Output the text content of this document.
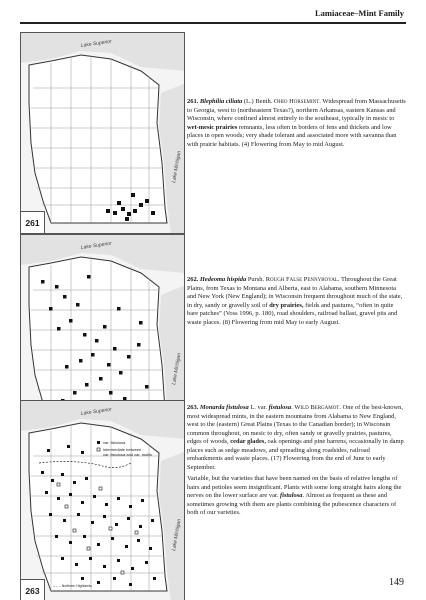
Lamiaceae–Mint Family
Lake Superior
Lake Michigan
261

261. Blephilia ciliata (L.) Benth. Ohio Horsemint. Widespread from Massachusetts to Georgia, west to (northeastern Texas?), northern Arkansas, eastern Kansas and Wisconsin, where confined almost entirely to the southeast, typically in mesic to wet-mesic prairies remnants, less often in borders of fens and thickets and low places in open woods; very shade tolerant and associated more with savanna than with prairie habitats. (4) Flowering from May to mid August.

Lake Superior
Lake Michigan

262. Hedeoma hispida Pursh. Rough False Pennyroyal. Throughout the Great Plains, from Texas to Montana and Alberta, east to Alabama, southern Minnesota and New York (New England); in Wisconsin frequent throughout much of the state, in dry, sandy or gravelly soil of dry prairies, fields and pastures, “often in quite bare patches” (Voss 1996, p. 180), road shoulders, railroad ballast, gravel pits and waste places. (8) Flowering from mid May to early August.

Lake Superior
Lake Michigan
var. fistulosa
intermediate between
var. fistulosa and var. mollis
– – – Northern Highlands
263

263. Monarda fistulosa L. var. fistulosa. Wild Bergamot. One of the best-known, most widespread mints, in the eastern mountains from Alabama to New England, west to the (eastern) Great Plains (Texas to the Canadian border); in Wisconsin common throughout, on mesic to dry, often sandy or gravelly prairies, pastures, edges of woods, cedar glades, oak openings and pine barrens, occasionally in damp places such as sedge meadows, and spreading along roadsides, railroad embankments and waste places. (17) Flowering from the end of June to early September.

Variable, but the varieties that have been named on the basis of relative lengths of hairs and petioles seem insignificant. Plants with some long straight hairs along the nerves on the lower surface are var. fistulosa. Almost as frequent as these and sometimes growing with them are plants combining the pubescence characters of both of our varieties.

149
